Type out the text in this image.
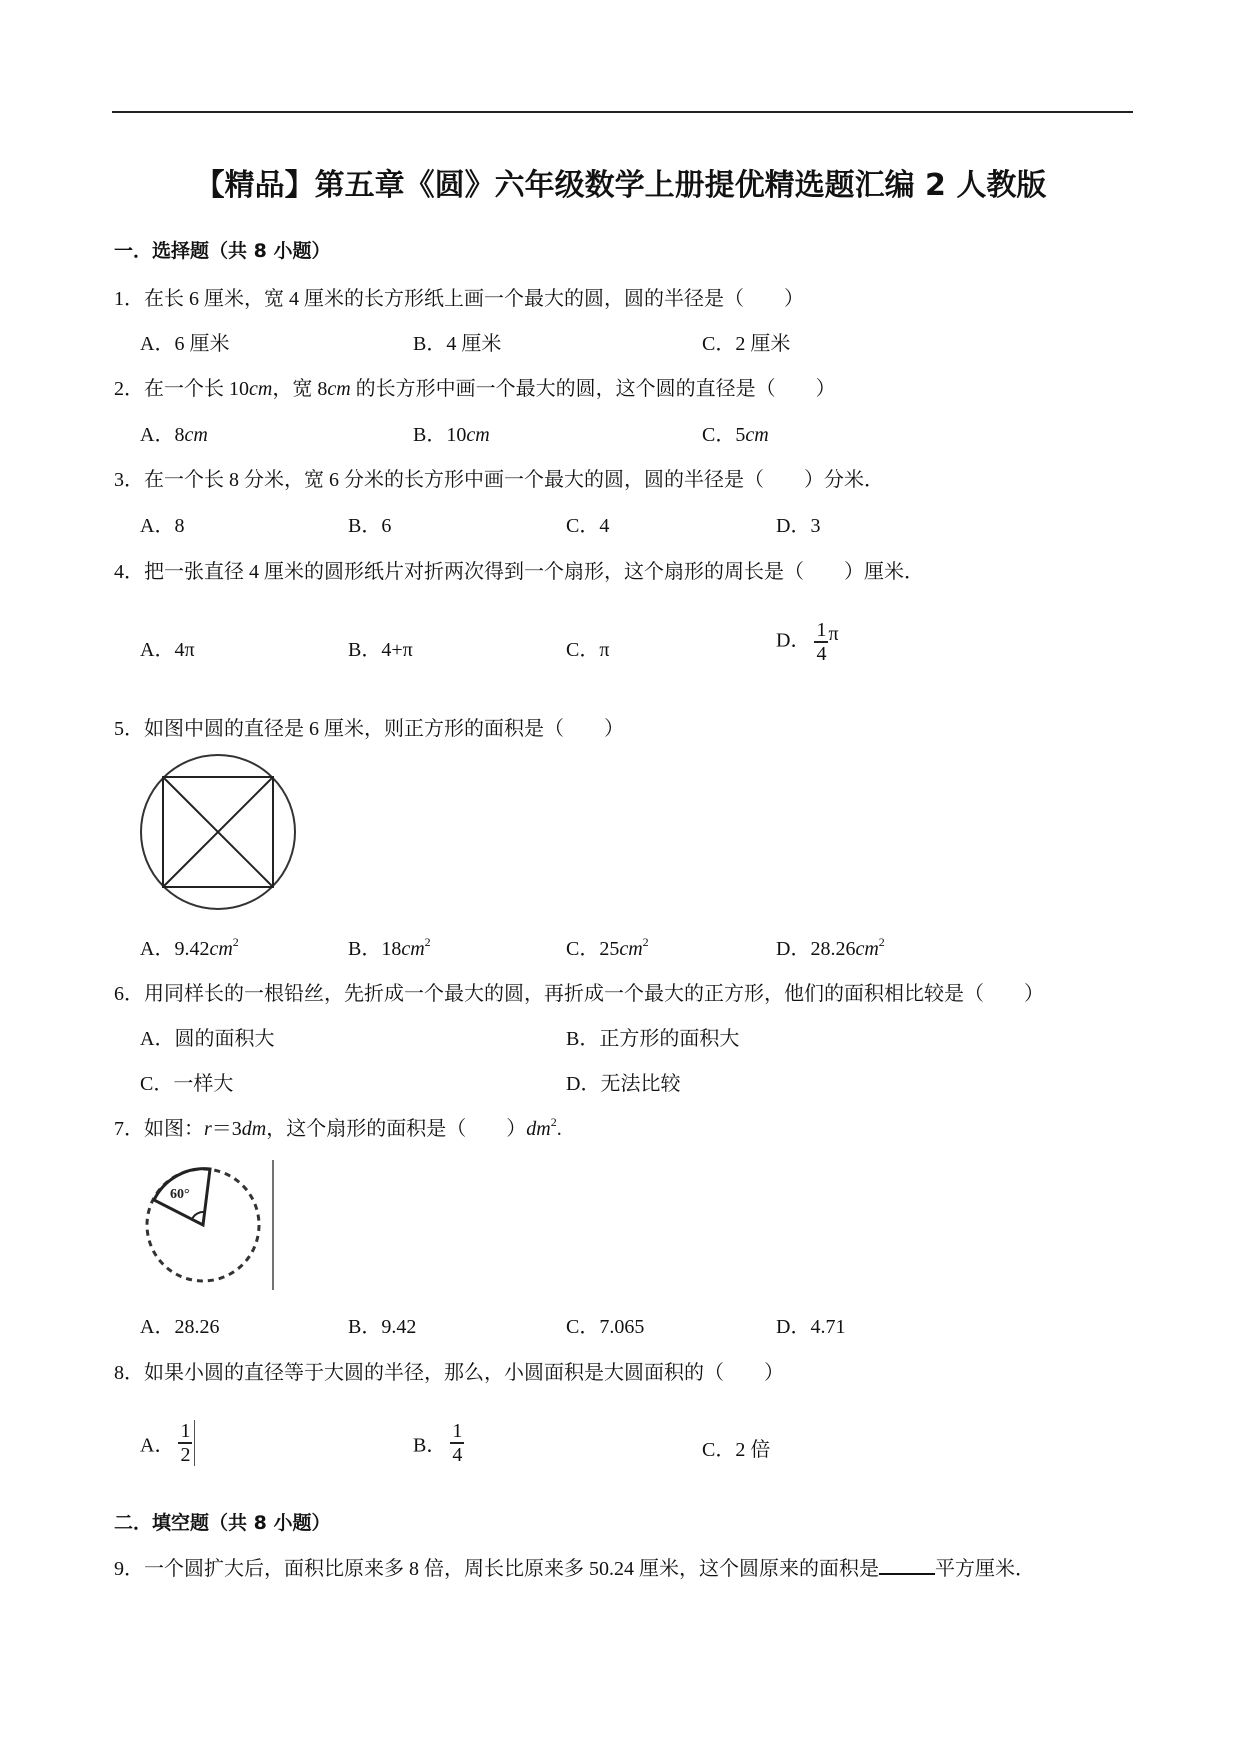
【精品】第五章《圆》六年级数学上册提优精选题汇编 2 人教版
一．选择题（共 8 小题）
1．在长 6 厘米，宽 4 厘米的长方形纸上画一个最大的圆，圆的半径是（　　）
A．6 厘米	B．4 厘米	C．2 厘米
2．在一个长 10cm，宽 8cm 的长方形中画一个最大的圆，这个圆的直径是（　　）
A．8cm	B．10cm	C．5cm
3．在一个长 8 分米，宽 6 分米的长方形中画一个最大的圆，圆的半径是（　　）分米．
A．8	B．6	C．4	D．3
4．把一张直径 4 厘米的圆形纸片对折两次得到一个扇形，这个扇形的周长是（　　）厘米．
A．4π	B．4+π	C．π	D． $\frac{1}{4}$ π
5．如图中圆的直径是 6 厘米，则正方形的面积是（　　）
A．$9.42cm^2$	B．$18cm^2$	C．$25cm^2$	D．$28.26cm^2$
6．用同样长的一根铅丝，先折成一个最大的圆，再折成一个最大的正方形，他们的面积相比较是（　　）
A．圆的面积大	B．正方形的面积大
C．一样大	D．无法比较
7．如图：r＝3dm，这个扇形的面积是（　　）$dm^2$.
60°
A．28.26	B．9.42	C．7.065	D．4.71
8．如果小圆的直径等于大圆的半径，那么，小圆面积是大圆面积的（　　）
A． $\frac{1}{2}$	B． $\frac{1}{4}$	C．2 倍
二．填空题（共 8 小题）
9．一个圆扩大后，面积比原来多 8 倍，周长比原来多 50.24 厘米，这个圆原来的面积是	平方厘米．
